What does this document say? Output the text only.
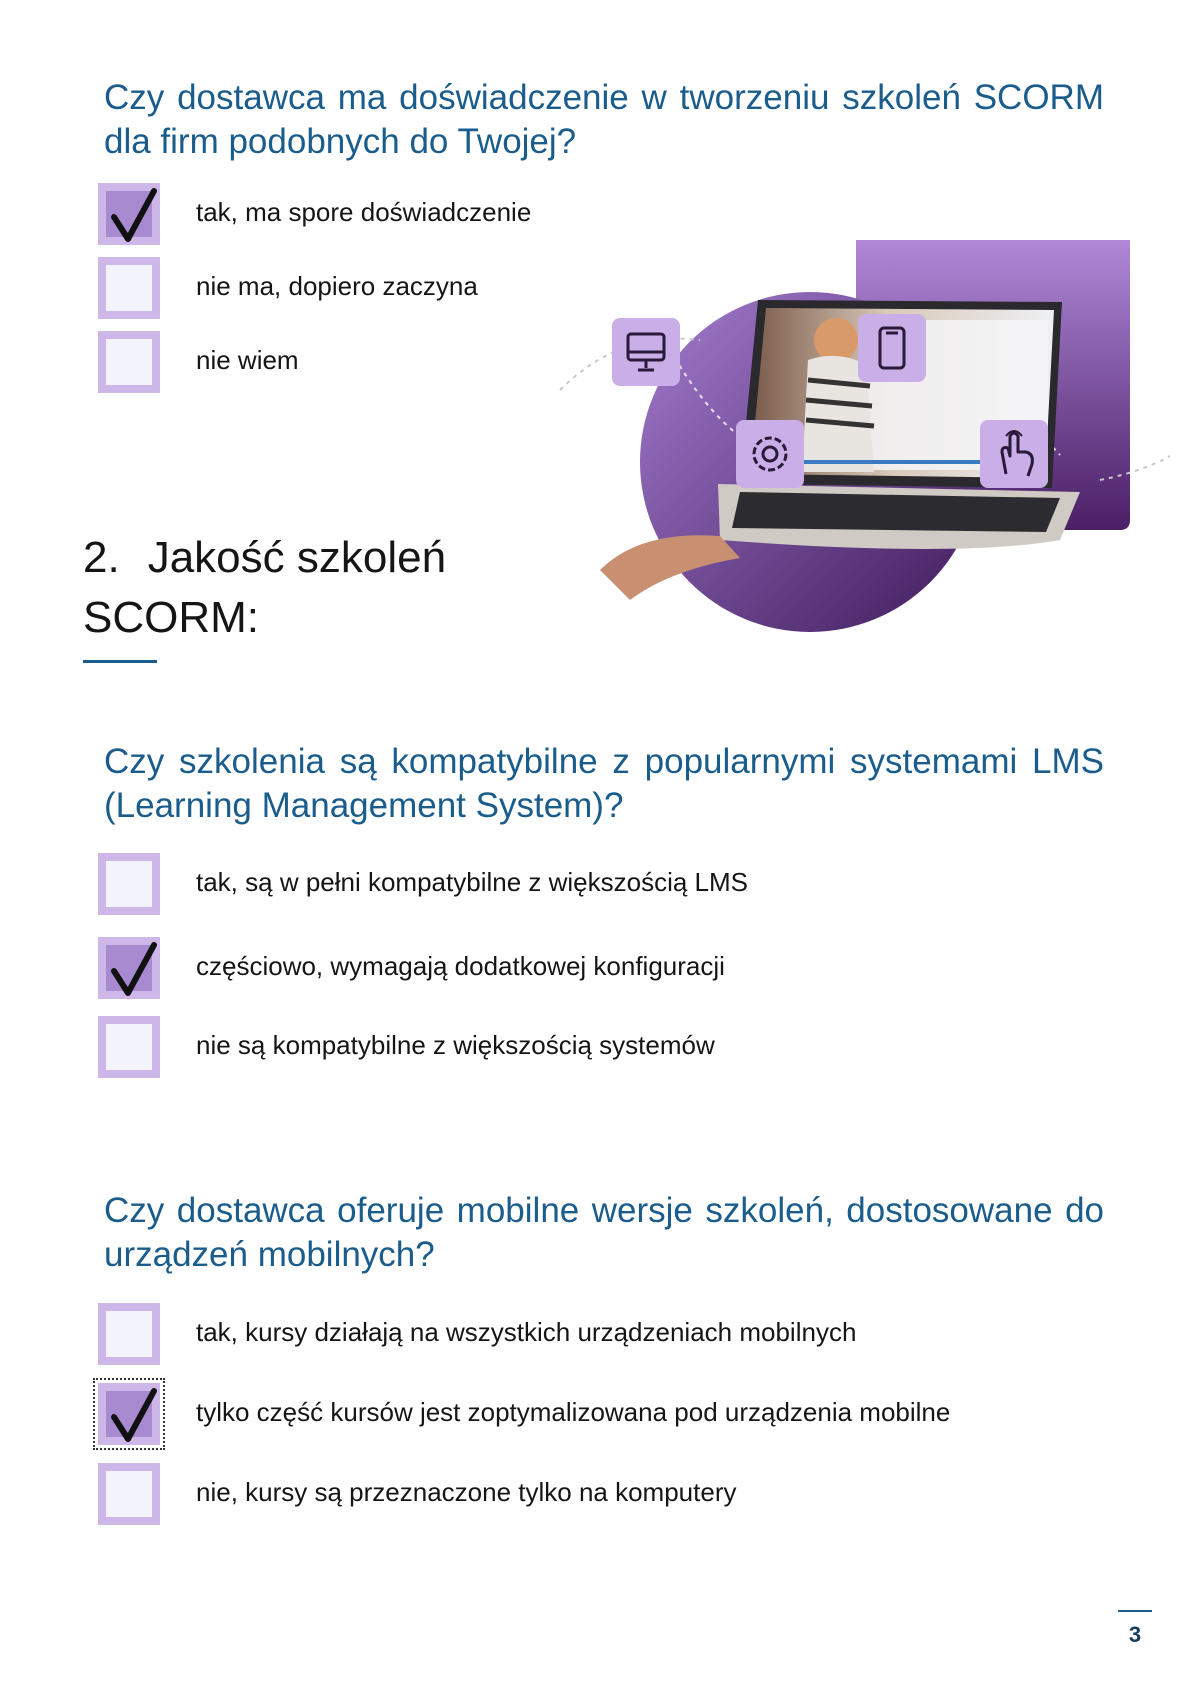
Czy dostawca ma doświadczenie w tworzeniu szkoleń SCORM dla firm podobnych do Twojej?
tak, ma spore doświadczenie
nie ma, dopiero zaczyna
nie wiem
2. Jakość szkoleń SCORM:
Czy szkolenia są kompatybilne z popularnymi systemami LMS (Learning Management System)?
tak, są w pełni kompatybilne z większością LMS
częściowo, wymagają dodatkowej konfiguracji
nie są kompatybilne z większością systemów
Czy dostawca oferuje mobilne wersje szkoleń, dostosowane do urządzeń mobilnych?
tak, kursy działają na wszystkich urządzeniach mobilnych
tylko część kursów jest zoptymalizowana pod urządzenia mobilne
nie, kursy są przeznaczone tylko na komputery
3
